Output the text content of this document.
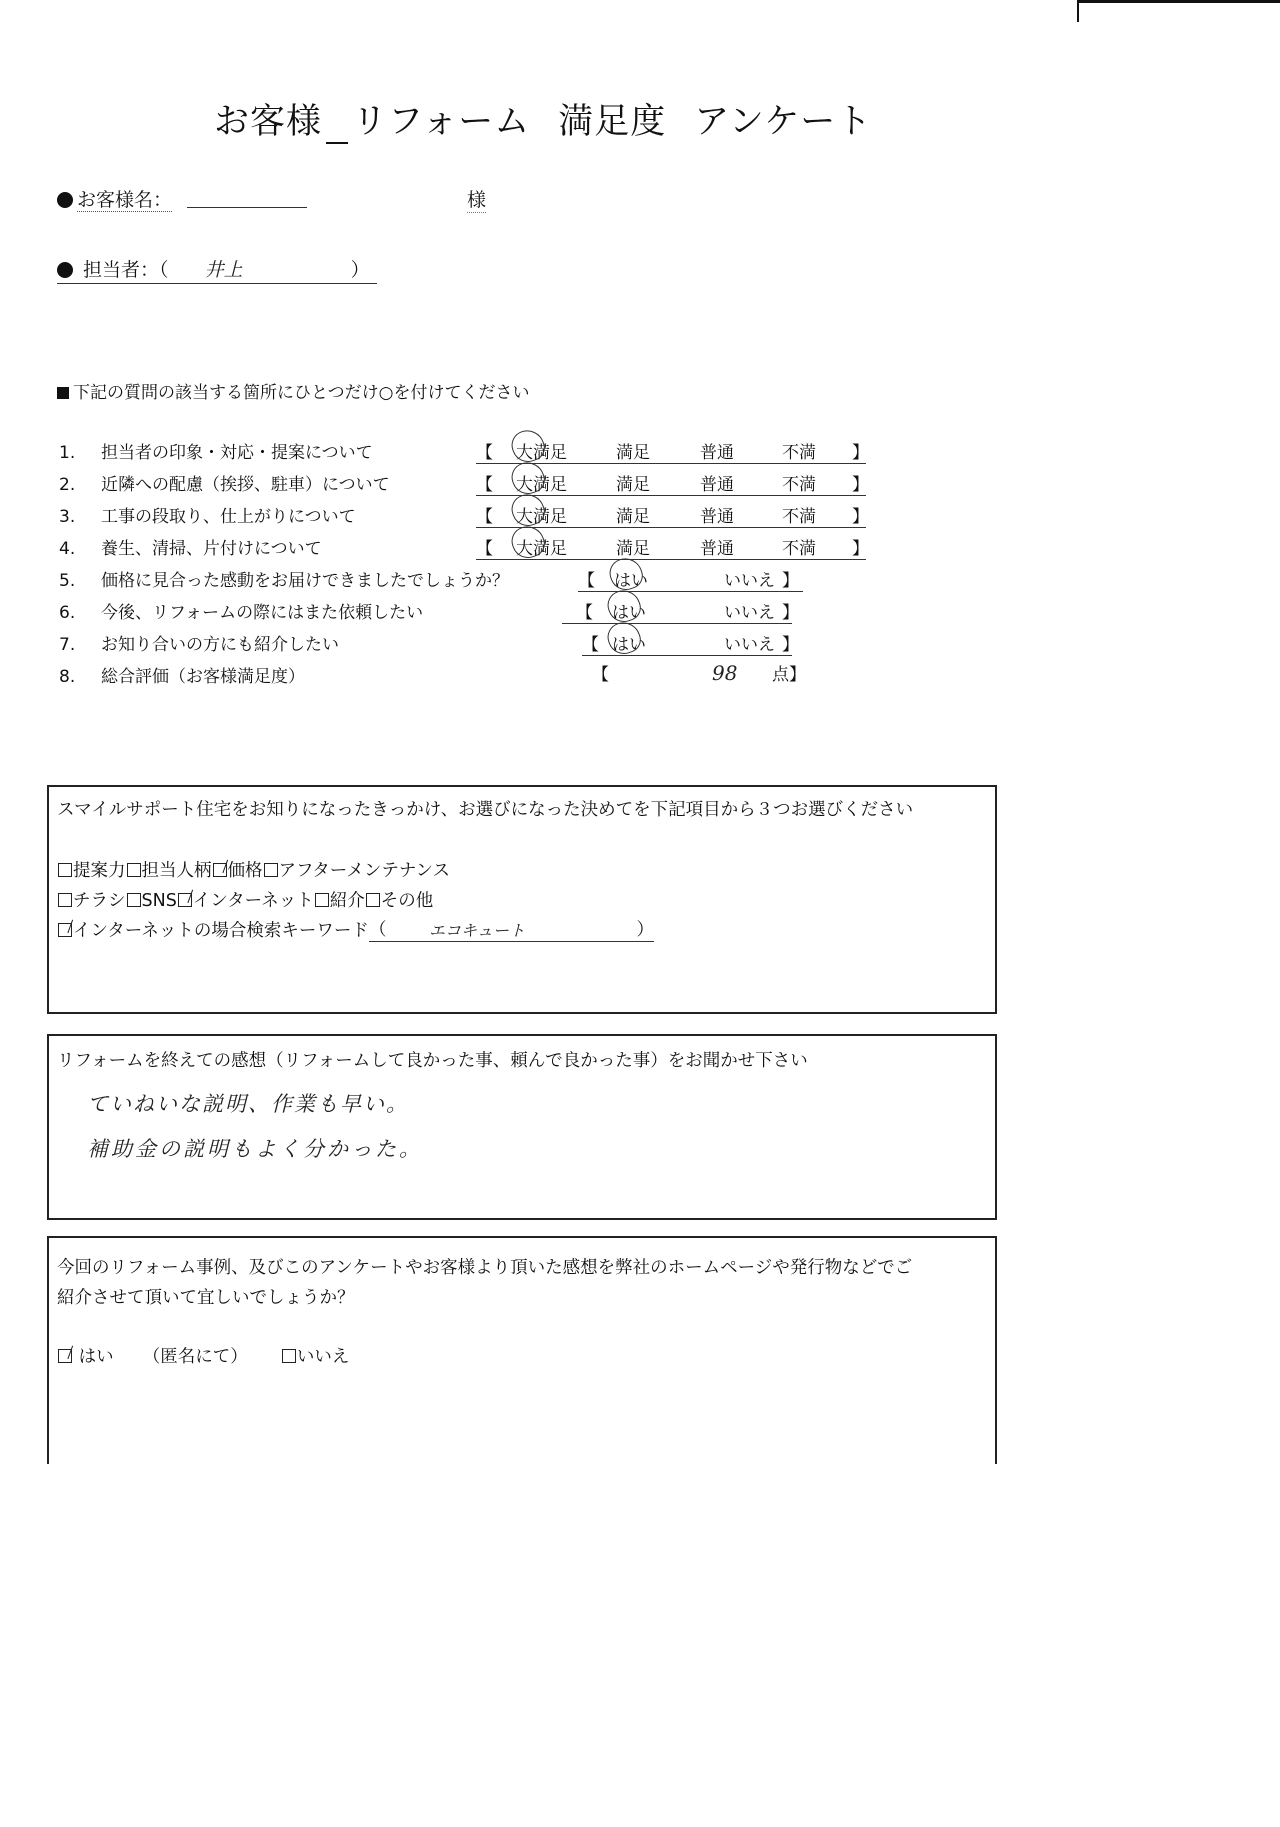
お客様 リフォーム 満足度 アンケート
お客様名：	様
担当者：（ 井上	）
下記の質問の該当する箇所にひとつだけ○を付けてください
1. 担当者の印象・対応・提案について	【 大満足	満足	普通	不満 】
2. 近隣への配慮（挨拶、駐車）について	【 大満足	満足	普通	不満 】
3. 工事の段取り、仕上がりについて	【 大満足	満足	普通	不満 】
4. 養生、清掃、片付けについて	【 大満足	満足	普通	不満 】
5. 価格に見合った感動をお届けできましたでしょうか？	【 はい	いいえ 】
6. 今後、リフォームの際にはまた依頼したい	【 はい	いいえ 】
7. お知り合いの方にも紹介したい	【 はい	いいえ 】
8. 総合評価（お客様満足度）	【	98 点】
スマイルサポート住宅をお知りになったきっかけ、お選びになった決めてを下記項目から３つお選びください
提案力 担当人柄 価格 アフターメンテナンス
チラシ SNS インターネット 紹介 その他
インターネットの場合検索キーワード （	エコキュート	）
リフォームを終えての感想（リフォームして良かった事、頼んで良かった事）をお聞かせ下さい
ていねいな説明、作業も早い。
補助金の説明もよく分かった。
今回のリフォーム事例、及びこのアンケートやお客様より頂いた感想を弊社のホームページや発行物などでご
紹介させて頂いて宜しいでしょうか？
はい （匿名にて）	いいえ
